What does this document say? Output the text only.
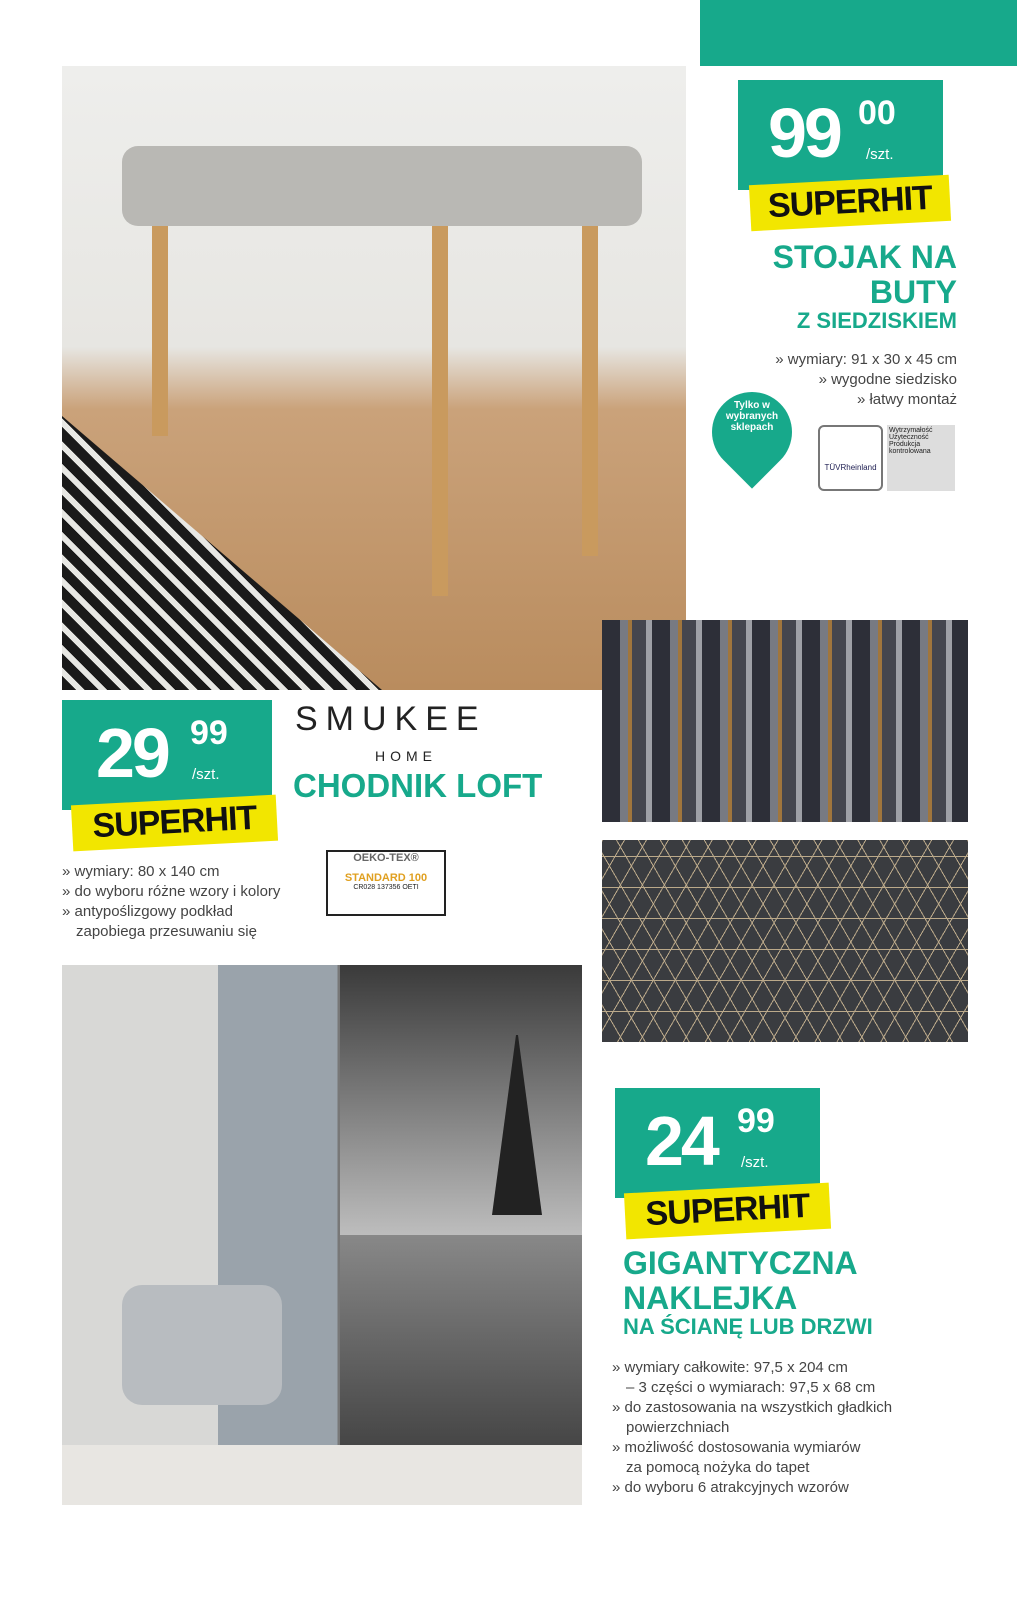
99 00
/szt.
SUPERHIT
STOJAK NA
BUTY
Z SIEDZISKIEM
» wymiary: 91 x 30 x 45 cm
» wygodne siedzisko
» łatwy montaż
Tylko w wybranych sklepach
TÜVRheinland
Wytrzymałość Użyteczność Produkcja kontrolowana
29 99
/szt.
SUPERHIT
SMUKEE
HOME
CHODNIK LOFT
» wymiary: 80 x 140 cm
» do wyboru różne wzory i kolory
» antypoślizgowy podkład
zapobiega przesuwaniu się
OEKO-TEX®
STANDARD 100
CR028 137356 OETI
24 99
/szt.
SUPERHIT
GIGANTYCZNA
NAKLEJKA
NA ŚCIANĘ LUB DRZWI
» wymiary całkowite: 97,5 x 204 cm
– 3 części o wymiarach: 97,5 x 68 cm
» do zastosowania na wszystkich gładkich
powierzchniach
» możliwość dostosowania wymiarów
za pomocą nożyka do tapet
» do wyboru 6 atrakcyjnych wzorów
